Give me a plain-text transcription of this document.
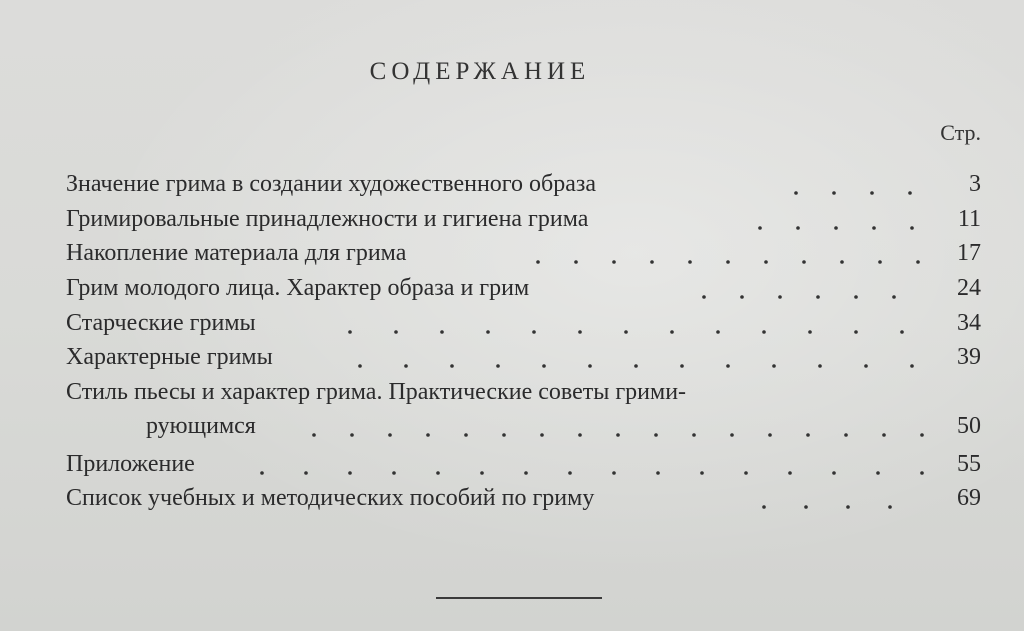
СОДЕРЖАНИЕ
Стр.
Значение грима в создании художественного образа	3
Гримировальные принадлежности и гигиена грима	11
Накопление материала для грима	17
Грим молодого лица. Характер образа и грим	24
Старческие гримы	34
Характерные гримы	39
Стиль пьесы и характер грима. Практические советы грими-
рующимся	50
Приложение	55
Список учебных и методических пособий по гриму	69
